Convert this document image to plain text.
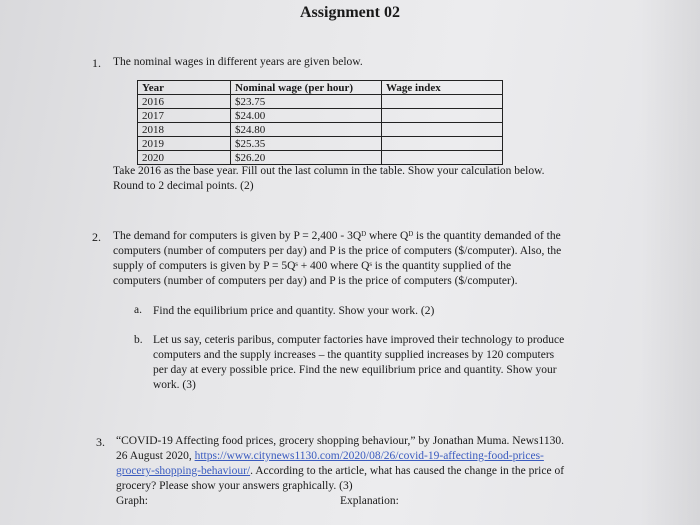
Assignment 02
1. The nominal wages in different years are given below.
Year	Nominal wage (per hour)	Wage index
2016	$23.75	
2017	$24.00	
2018	$24.80	
2019	$25.35	
2020	$26.20	
Take 2016 as the base year. Fill out the last column in the table. Show your calculation below.
Round to 2 decimal points. (2)
2. The demand for computers is given by P = 2,400 - 3Qᴰ where Qᴰ is the quantity demanded of the
computers (number of computers per day) and P is the price of computers ($/computer). Also, the
supply of computers is given by P = 5Qˢ + 400 where Qˢ is the quantity supplied of the
computers (number of computers per day) and P is the price of computers ($/computer).
a. Find the equilibrium price and quantity. Show your work. (2)
b. Let us say, ceteris paribus, computer factories have improved their technology to produce
computers and the supply increases – the quantity supplied increases by 120 computers
per day at every possible price. Find the new equilibrium price and quantity. Show your
work. (3)
3. “COVID-19 Affecting food prices, grocery shopping behaviour,” by Jonathan Muma. News1130.
26 August 2020, https://www.citynews1130.com/2020/08/26/covid-19-affecting-food-prices-
grocery-shopping-behaviour/. According to the article, what has caused the change in the price of
grocery? Please show your answers graphically. (3)
Graph:	Explanation:
